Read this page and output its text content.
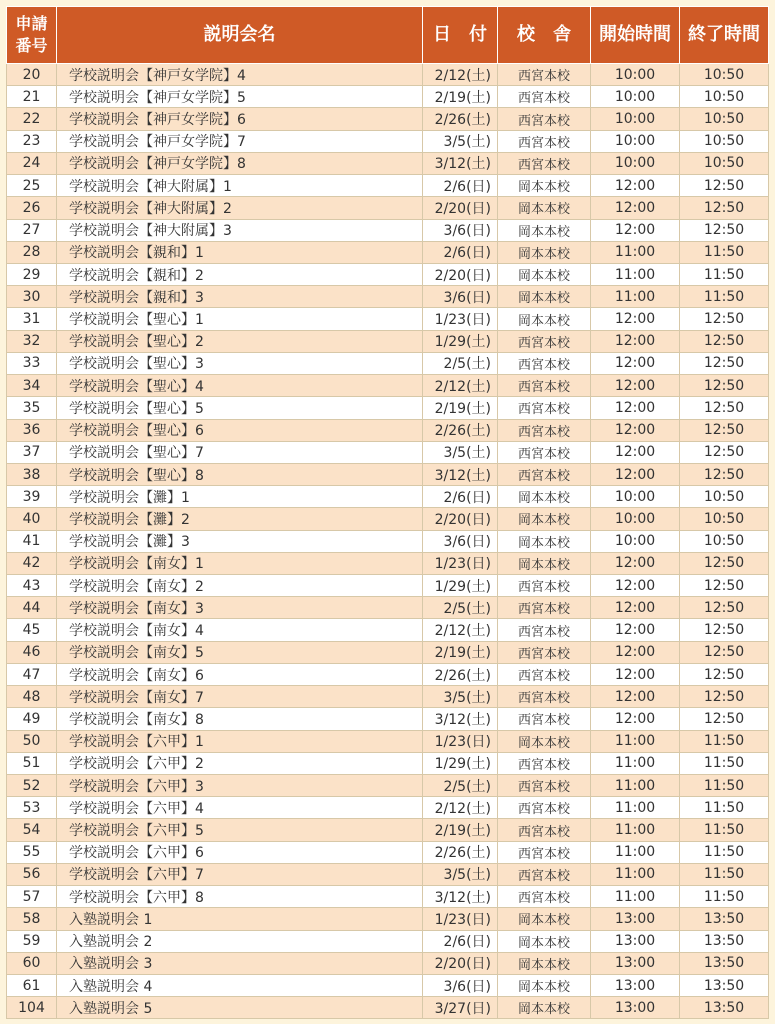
申請
番号	説明会名	日　付	校　舎	開始時間	終了時間
20	学校説明会【神戸女学院】4	2/12(土)	西宮本校	10:00	10:50
21	学校説明会【神戸女学院】5	2/19(土)	西宮本校	10:00	10:50
22	学校説明会【神戸女学院】6	2/26(土)	西宮本校	10:00	10:50
23	学校説明会【神戸女学院】7	3/5(土)	西宮本校	10:00	10:50
24	学校説明会【神戸女学院】8	3/12(土)	西宮本校	10:00	10:50
25	学校説明会【神大附属】1	2/6(日)	岡本本校	12:00	12:50
26	学校説明会【神大附属】2	2/20(日)	岡本本校	12:00	12:50
27	学校説明会【神大附属】3	3/6(日)	岡本本校	12:00	12:50
28	学校説明会【親和】1	2/6(日)	岡本本校	11:00	11:50
29	学校説明会【親和】2	2/20(日)	岡本本校	11:00	11:50
30	学校説明会【親和】3	3/6(日)	岡本本校	11:00	11:50
31	学校説明会【聖心】1	1/23(日)	岡本本校	12:00	12:50
32	学校説明会【聖心】2	1/29(土)	西宮本校	12:00	12:50
33	学校説明会【聖心】3	2/5(土)	西宮本校	12:00	12:50
34	学校説明会【聖心】4	2/12(土)	西宮本校	12:00	12:50
35	学校説明会【聖心】5	2/19(土)	西宮本校	12:00	12:50
36	学校説明会【聖心】6	2/26(土)	西宮本校	12:00	12:50
37	学校説明会【聖心】7	3/5(土)	西宮本校	12:00	12:50
38	学校説明会【聖心】8	3/12(土)	西宮本校	12:00	12:50
39	学校説明会【灘】1	2/6(日)	岡本本校	10:00	10:50
40	学校説明会【灘】2	2/20(日)	岡本本校	10:00	10:50
41	学校説明会【灘】3	3/6(日)	岡本本校	10:00	10:50
42	学校説明会【南女】1	1/23(日)	岡本本校	12:00	12:50
43	学校説明会【南女】2	1/29(土)	西宮本校	12:00	12:50
44	学校説明会【南女】3	2/5(土)	西宮本校	12:00	12:50
45	学校説明会【南女】4	2/12(土)	西宮本校	12:00	12:50
46	学校説明会【南女】5	2/19(土)	西宮本校	12:00	12:50
47	学校説明会【南女】6	2/26(土)	西宮本校	12:00	12:50
48	学校説明会【南女】7	3/5(土)	西宮本校	12:00	12:50
49	学校説明会【南女】8	3/12(土)	西宮本校	12:00	12:50
50	学校説明会【六甲】1	1/23(日)	岡本本校	11:00	11:50
51	学校説明会【六甲】2	1/29(土)	西宮本校	11:00	11:50
52	学校説明会【六甲】3	2/5(土)	西宮本校	11:00	11:50
53	学校説明会【六甲】4	2/12(土)	西宮本校	11:00	11:50
54	学校説明会【六甲】5	2/19(土)	西宮本校	11:00	11:50
55	学校説明会【六甲】6	2/26(土)	西宮本校	11:00	11:50
56	学校説明会【六甲】7	3/5(土)	西宮本校	11:00	11:50
57	学校説明会【六甲】8	3/12(土)	西宮本校	11:00	11:50
58	入塾説明会 1	1/23(日)	岡本本校	13:00	13:50
59	入塾説明会 2	2/6(日)	岡本本校	13:00	13:50
60	入塾説明会 3	2/20(日)	岡本本校	13:00	13:50
61	入塾説明会 4	3/6(日)	岡本本校	13:00	13:50
104	入塾説明会 5	3/27(日)	岡本本校	13:00	13:50
